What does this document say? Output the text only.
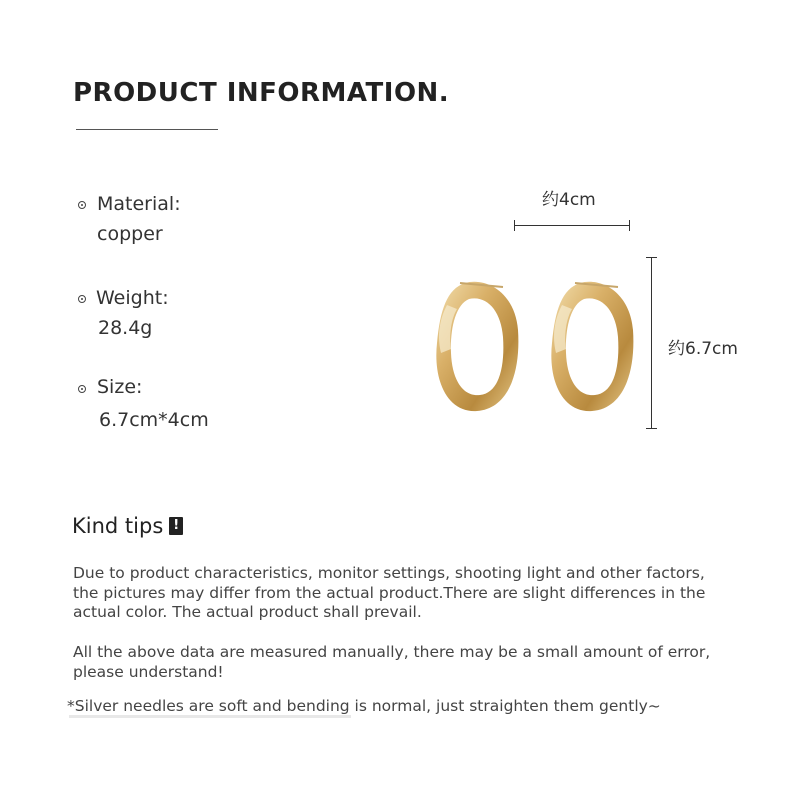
PRODUCT INFORMATION.
Material:
copper
Weight:
28.4g
Size:
6.7cm*4cm
约4cm
约6.7cm
Kind tips !
Due to product characteristics, monitor settings, shooting light and other factors, the pictures may differ from the actual product.There are slight differences in the actual color. The actual product shall prevail.
All the above data are measured manually, there may be a small amount of error, please understand!
*Silver needles are soft and bending is normal, just straighten them gently~
